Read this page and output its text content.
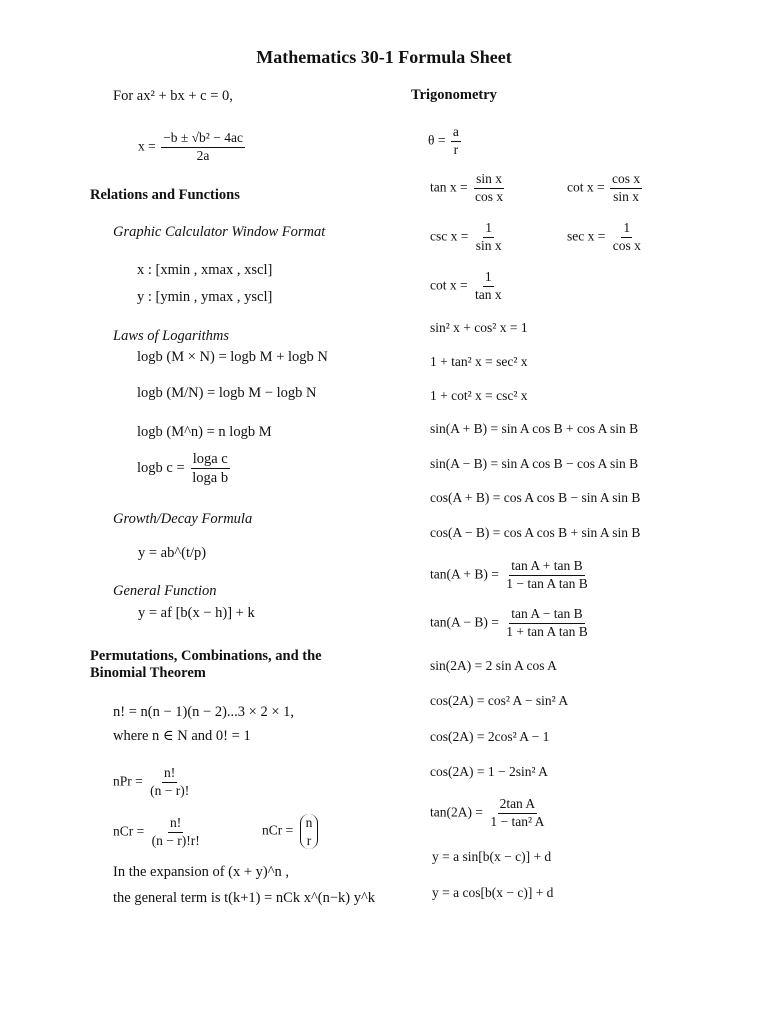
Mathematics 30-1 Formula Sheet
For ax² + bx + c = 0,
$x = \frac{\text{−b ± √b² − 4ac}}{2a}$
Relations and Functions
Graphic Calculator Window Format
x : [xmin , xmax , xscl]
y : [ymin , ymax , yscl]
Laws of Logarithms
logb (M × N) = logb M + logb N
logb (M/N) = logb M − logb N
logb (M^n) = n logb M
logb $c = \frac{\text{loga c}}{\text{loga b}}$
Growth/Decay Formula
y = ab^(t/p)
General Function
y = af [b(x − h)] + k
Permutations, Combinations, and the
Binomial Theorem
n! = n(n − 1)(n − 2)...3 × 2 × 1,
where n ∈ N and 0! = 1
nPr = $\frac{n!}{(n - r)!}$
nCr = $\frac{n!}{(n - r)!r!}$	nCr =
n
r
In the expansion of (x + y)^n ,
the general term is t(k+1) = nCk x^(n−k) y^k
Trigonometry
$\theta = \frac{a}{r}$
$\tan x = \frac{\text{sin x}}{\text{cos x}}$	$\cot x = \frac{\text{cos x}}{\text{sin x}}$
$\csc x = \frac{1}{\text{sin x}}$	$\sec x = \frac{1}{\text{cos x}}$
$\cot x = \frac{1}{\text{tan x}}$
sin² x + cos² x = 1
1 + tan² x = sec² x
1 + cot² x = csc² x
sin(A + B) = sin A cos B + cos A sin B
sin(A − B) = sin A cos B − cos A sin B
cos(A + B) = cos A cos B − sin A sin B
cos(A − B) = cos A cos B + sin A sin B
$\tan(A + B) = \frac{\text{tan A + tan B}}{\text{1 − tan A tan B}}$
$\tan(A - B) = \frac{\text{tan A − tan B}}{\text{1 + tan A tan B}}$
sin(2A) = 2 sin A cos A
cos(2A) = cos² A − sin² A
cos(2A) = 2cos² A − 1
cos(2A) = 1 − 2sin² A
$\tan(2A) = \frac{\text{2tan A}}{\text{1 − tan² A}}$
y = a sin[b(x − c)] + d
y = a cos[b(x − c)] + d
